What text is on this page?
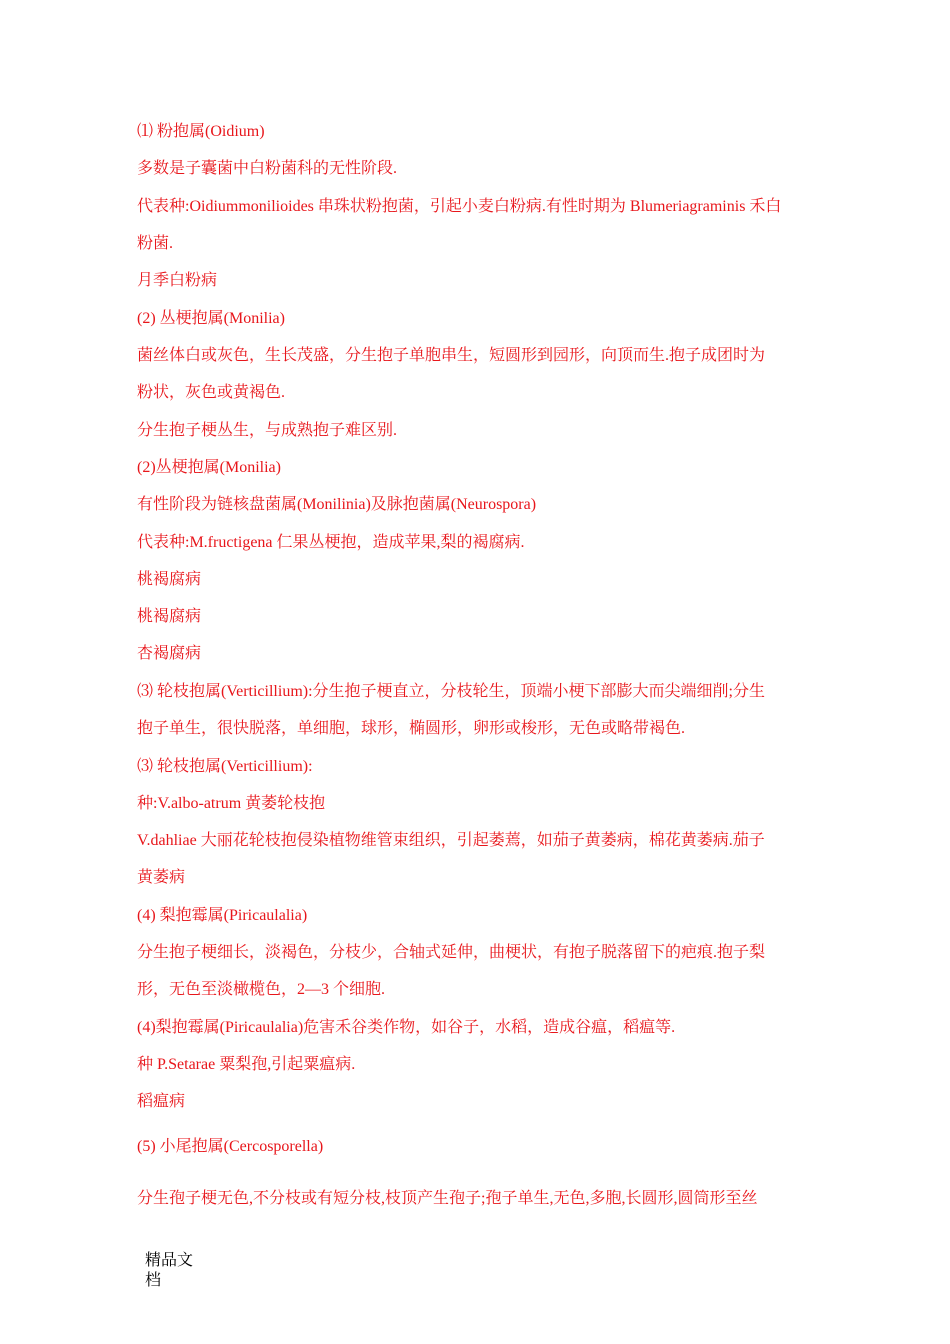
⑴ 粉抱属(Oidium)
多数是子囊菌中白粉菌科的无性阶段.
代表种:Oidiummonilioides 串珠状粉抱菌，引起小麦白粉病.有性时期为 Blumeriagraminis 禾白
粉菌.
月季白粉病
(2) 丛梗抱属(Monilia)
菌丝体白或灰色，生长茂盛，分生抱子单胞串生，短圆形到园形，向顶而生.抱子成团时为
粉状，灰色或黄褐色.
分生抱子梗丛生，与成熟抱子难区别.
(2)丛梗抱属(Monilia)
有性阶段为链核盘菌属(Monilinia)及脉抱菌属(Neurospora)
代表种:M.fructigena 仁果丛梗抱，造成苹果,梨的褐腐病.
桃褐腐病
桃褐腐病
杏褐腐病
⑶ 轮枝抱属(Verticillium):分生抱子梗直立，分枝轮生，顶端小梗下部膨大而尖端细削;分生
抱子单生，很快脱落，单细胞，球形，椭圆形，卵形或梭形，无色或略带褐色.
⑶ 轮枝抱属(Verticillium):
种:V.albo-atrum 黄萎轮枝抱
V.dahliae 大丽花轮枝抱侵染植物维管束组织，引起萎蔫，如茄子黄萎病，棉花黄萎病.茄子
黄萎病
(4) 梨抱霉属(Piricaulalia)
分生抱子梗细长，淡褐色，分枝少，合轴式延伸，曲梗状，有抱子脱落留下的疤痕.抱子梨
形，无色至淡橄榄色，2—3 个细胞.
(4)梨抱霉属(Piricaulalia)危害禾谷类作物，如谷子，水稻，造成谷瘟，稻瘟等.
种 P.Setarae 粟梨孢,引起粟瘟病.
稻瘟病
(5) 小尾抱属(Cercosporella)
分生孢子梗无色,不分枝或有短分枝,枝顶产生孢子;孢子单生,无色,多胞,长圆形,圆筒形至丝
精品文档
